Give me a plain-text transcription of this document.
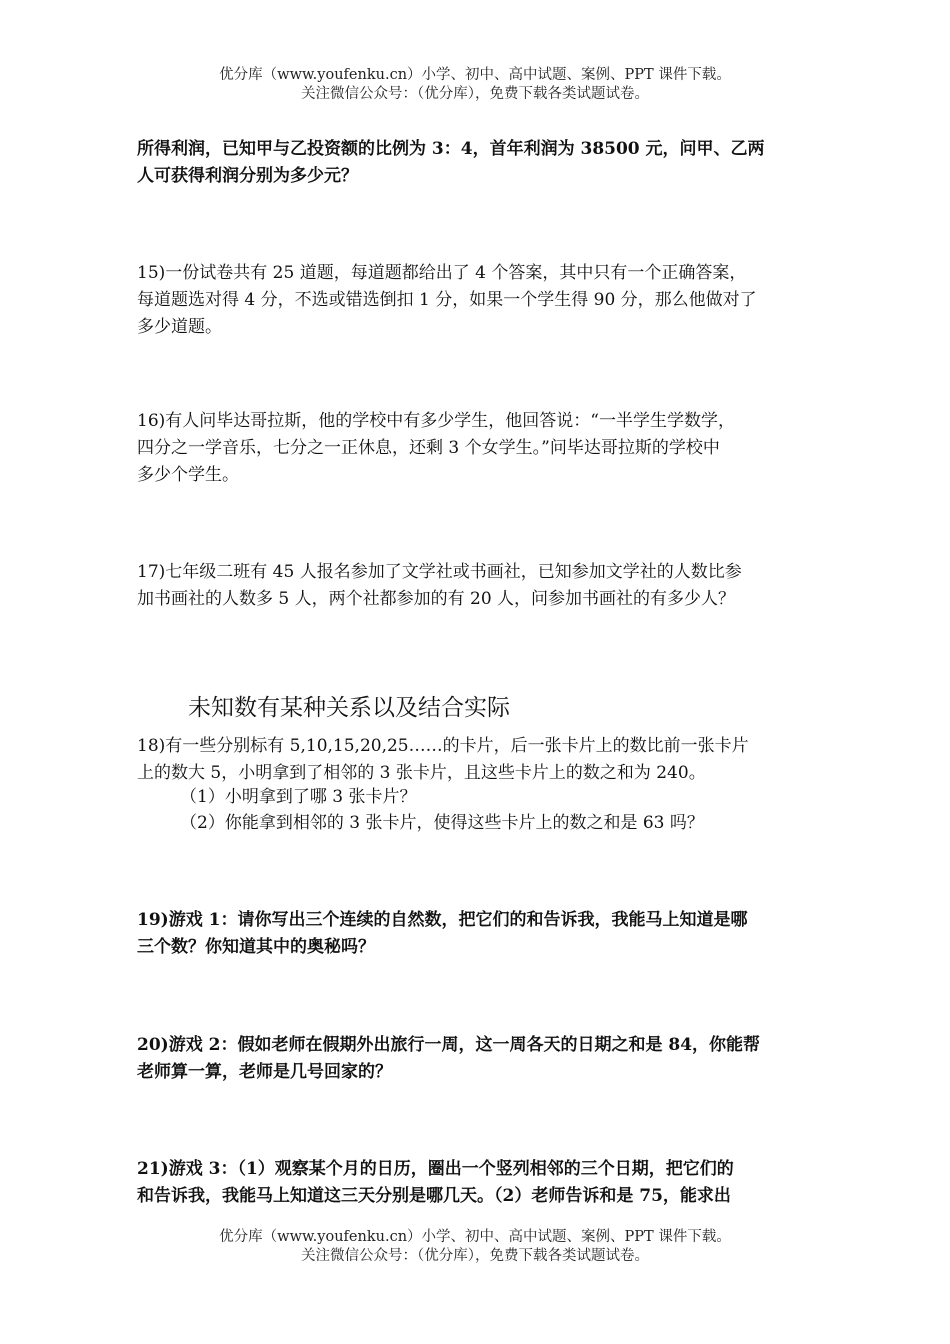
优分库（www.youfenku.cn）小学、初中、高中试题、案例、PPT 课件下载。
关注微信公众号：（优分库），免费下载各类试题试卷。
所得利润，已知甲与乙投资额的比例为 3：4，首年利润为 38500 元，问甲、乙两
人可获得利润分别为多少元？
15)一份试卷共有 25 道题，每道题都给出了 4 个答案，其中只有一个正确答案，
每道题选对得 4 分，不选或错选倒扣 1 分，如果一个学生得 90 分，那么他做对了
多少道题。
16)有人问毕达哥拉斯，他的学校中有多少学生，他回答说：“一半学生学数学，
四分之一学音乐，七分之一正休息，还剩 3 个女学生。”问毕达哥拉斯的学校中
多少个学生。
17)七年级二班有 45 人报名参加了文学社或书画社，已知参加文学社的人数比参
加书画社的人数多 5 人，两个社都参加的有 20 人，问参加书画社的有多少人？
未知数有某种关系以及结合实际
18)有一些分别标有 5,10,15,20,25……的卡片，后一张卡片上的数比前一张卡片
上的数大 5，小明拿到了相邻的 3 张卡片，且这些卡片上的数之和为 240。
（1）小明拿到了哪 3 张卡片？
（2）你能拿到相邻的 3 张卡片，使得这些卡片上的数之和是 63 吗？
19)游戏 1：请你写出三个连续的自然数，把它们的和告诉我，我能马上知道是哪
三个数？你知道其中的奥秘吗？
20)游戏 2：假如老师在假期外出旅行一周，这一周各天的日期之和是 84，你能帮
老师算一算，老师是几号回家的？
21)游戏 3：（1）观察某个月的日历，圈出一个竖列相邻的三个日期，把它们的
和告诉我，我能马上知道这三天分别是哪几天。（2）老师告诉和是 75，能求出
优分库（www.youfenku.cn）小学、初中、高中试题、案例、PPT 课件下载。
关注微信公众号：（优分库），免费下载各类试题试卷。
